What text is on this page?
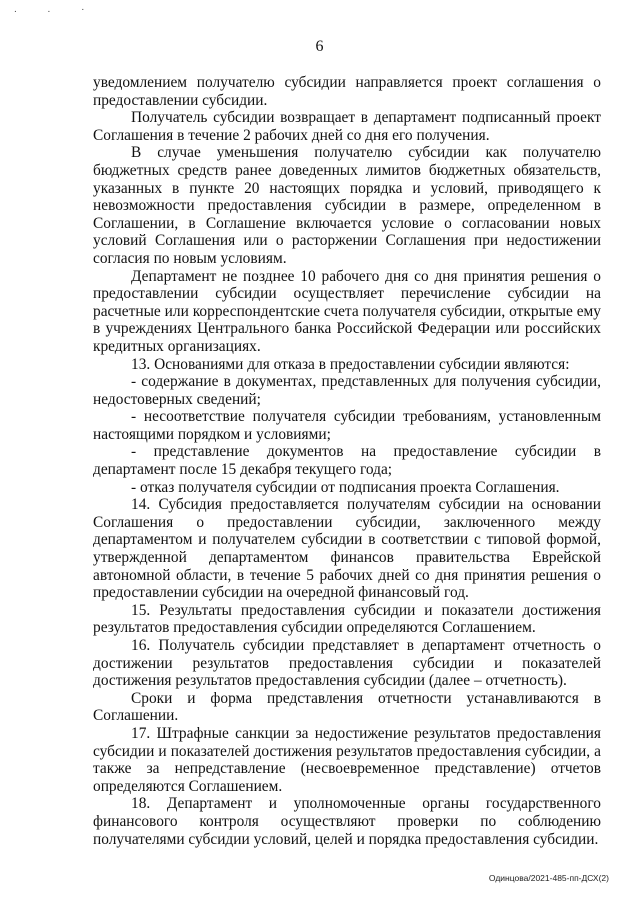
. . ·
6

уведомлением получателю субсидии направляется проект соглашения о предоставлении субсидии.

Получатель субсидии возвращает в департамент подписанный проект Соглашения в течение 2 рабочих дней со дня его получения.

В случае уменьшения получателю субсидии как получателю бюджетных средств ранее доведенных лимитов бюджетных обязательств, указанных в пункте 20 настоящих порядка и условий, приводящего к невозможности предоставления субсидии в размере, определенном в Соглашении, в Соглашение включается условие о согласовании новых условий Соглашения или о расторжении Соглашения при недостижении согласия по новым условиям.

Департамент не позднее 10 рабочего дня со дня принятия решения о предоставлении субсидии осуществляет перечисление субсидии на расчетные или корреспондентские счета получателя субсидии, открытые ему в учреждениях Центрального банка Российской Федерации или российских кредитных организациях.

13. Основаниями для отказа в предоставлении субсидии являются:

- содержание в документах, представленных для получения субсидии, недостоверных сведений;

- несоответствие получателя субсидии требованиям, установленным настоящими порядком и условиями;

- представление документов на предоставление субсидии в департамент после 15 декабря текущего года;

- отказ получателя субсидии от подписания проекта Соглашения.

14. Субсидия предоставляется получателям субсидии на основании Соглашения о предоставлении субсидии, заключенного между департаментом и получателем субсидии в соответствии с типовой формой, утвержденной департаментом финансов правительства Еврейской автономной области, в течение 5 рабочих дней со дня принятия решения о предоставлении субсидии на очередной финансовый год.

15. Результаты предоставления субсидии и показатели достижения результатов предоставления субсидии определяются Соглашением.

16. Получатель субсидии представляет в департамент отчетность о достижении результатов предоставления субсидии и показателей достижения результатов предоставления субсидии (далее – отчетность).

Сроки и форма представления отчетности устанавливаются в Соглашении.

17. Штрафные санкции за недостижение результатов предоставления субсидии и показателей достижения результатов предоставления субсидии, а также за непредставление (несвоевременное представление) отчетов определяются Соглашением.

18. Департамент и уполномоченные органы государственного финансового контроля осуществляют проверки по соблюдению получателями субсидии условий, целей и порядка предоставления субсидии.

Одинцова/2021-485-пп-ДСХ(2)
